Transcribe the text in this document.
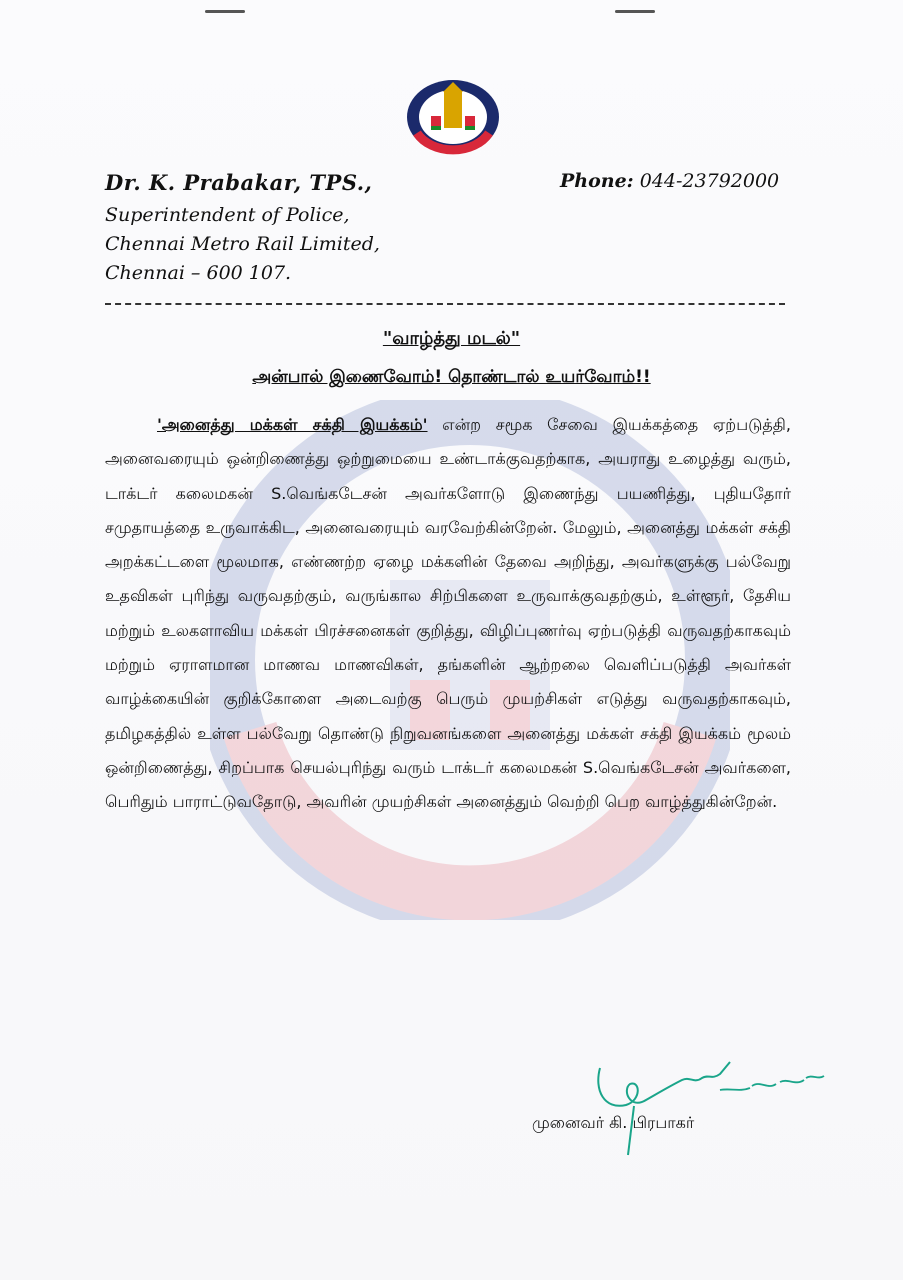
Dr. K. Prabakar, TPS.,
Superintendent of Police,
Chennai Metro Rail Limited,
Chennai – 600 107.
Phone: 044-23792000
"வாழ்த்து மடல்"
அன்பால் இணைவோம்! தொண்டால் உயர்வோம்!!
'அனைத்து மக்கள் சக்தி இயக்கம்' என்ற சமூக சேவை இயக்கத்தை ஏற்படுத்தி, அனைவரையும் ஒன்றிணைத்து ஒற்றுமையை உண்டாக்குவதற்காக, அயராது உழைத்து வரும், டாக்டர் கலைமகன் S.வெங்கடேசன் அவர்களோடு இணைந்து பயணித்து, புதியதோர் சமுதாயத்தை உருவாக்கிட, அனைவரையும் வரவேற்கின்றேன். மேலும், அனைத்து மக்கள் சக்தி அறக்கட்டளை மூலமாக, எண்ணற்ற ஏழை மக்களின் தேவை அறிந்து, அவர்களுக்கு பல்வேறு உதவிகள் புரிந்து வருவதற்கும், வருங்கால சிற்பிகளை உருவாக்குவதற்கும், உள்ளூர், தேசிய மற்றும் உலகளாவிய மக்கள் பிரச்சனைகள் குறித்து, விழிப்புணர்வு ஏற்படுத்தி வருவதற்காகவும் மற்றும் ஏராளமான மாணவ மாணவிகள், தங்களின் ஆற்றலை வெளிப்படுத்தி அவர்கள் வாழ்க்கையின் குறிக்கோளை அடைவற்கு பெரும் முயற்சிகள் எடுத்து வருவதற்காகவும், தமிழகத்தில் உள்ள பல்வேறு தொண்டு நிறுவனங்களை அனைத்து மக்கள் சக்தி இயக்கம் மூலம் ஒன்றிணைத்து, சிறப்பாக செயல்புரிந்து வரும் டாக்டர் கலைமகன் S.வெங்கடேசன் அவர்களை, பெரிதும் பாராட்டுவதோடு, அவரின் முயற்சிகள் அனைத்தும் வெற்றி பெற வாழ்த்துகின்றேன்.
முனைவர் கி. பிரபாகர்
